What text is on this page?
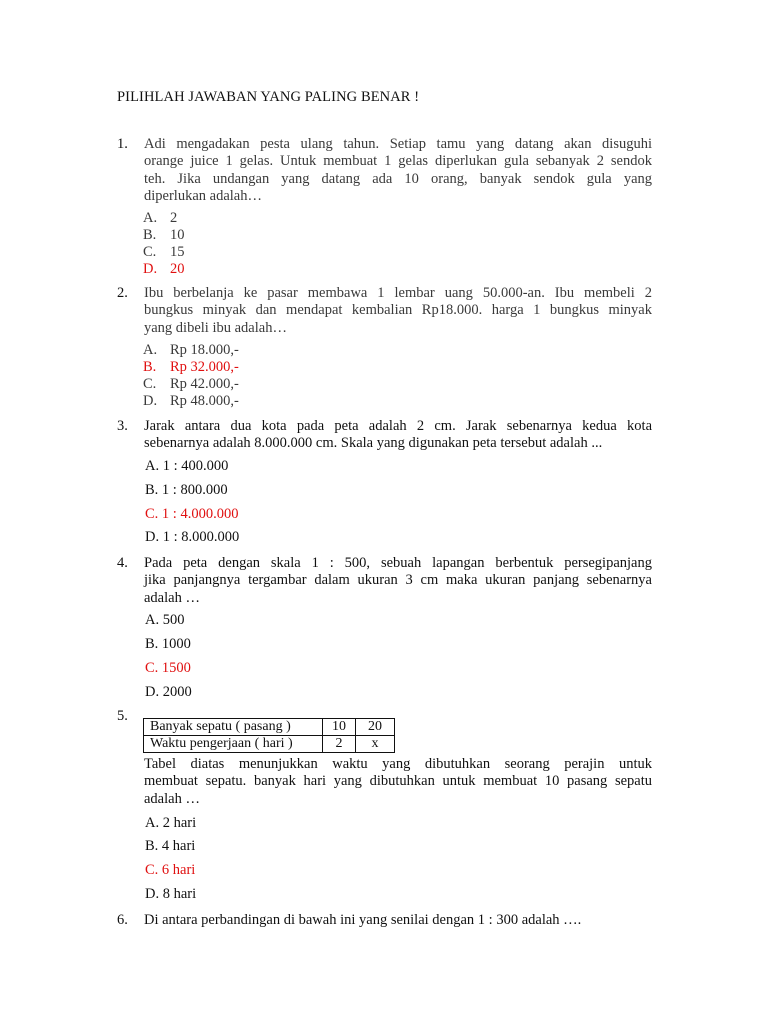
PILIHLAH JAWABAN YANG PALING BENAR !
1. Adi mengadakan pesta ulang tahun. Setiap tamu yang datang akan disuguhi
orange juice 1 gelas. Untuk membuat 1 gelas diperlukan gula sebanyak 2 sendok
teh. Jika undangan yang datang ada 10 orang, banyak sendok gula yang
diperlukan adalah…
A. 2
B. 10
C. 15
D. 20
2. Ibu berbelanja ke pasar membawa 1 lembar uang 50.000-an. Ibu membeli 2
bungkus minyak dan mendapat kembalian Rp18.000. harga 1 bungkus minyak
yang dibeli ibu adalah…
A. Rp 18.000,-
B. Rp 32.000,-
C. Rp 42.000,-
D. Rp 48.000,-
3. Jarak antara dua kota pada peta adalah 2 cm. Jarak sebenarnya kedua kota
sebenarnya adalah 8.000.000 cm. Skala yang digunakan peta tersebut adalah ...
A. 1 : 400.000
B. 1 : 800.000
C. 1 : 4.000.000
D. 1 : 8.000.000
4. Pada peta dengan skala 1 : 500, sebuah lapangan berbentuk persegipanjang
jika panjangnya tergambar dalam ukuran 3 cm maka ukuran panjang sebenarnya
adalah …
A. 500
B. 1000
C. 1500
D. 2000
5.
Banyak sepatu ( pasang )	10	20
Waktu pengerjaan ( hari )	2	x
Tabel diatas menunjukkan waktu yang dibutuhkan seorang perajin untuk
membuat sepatu. banyak hari yang dibutuhkan untuk membuat 10 pasang sepatu
adalah …
A. 2 hari
B. 4 hari
C. 6 hari
D. 8 hari
6. Di antara perbandingan di bawah ini yang senilai dengan 1 : 300 adalah ….
